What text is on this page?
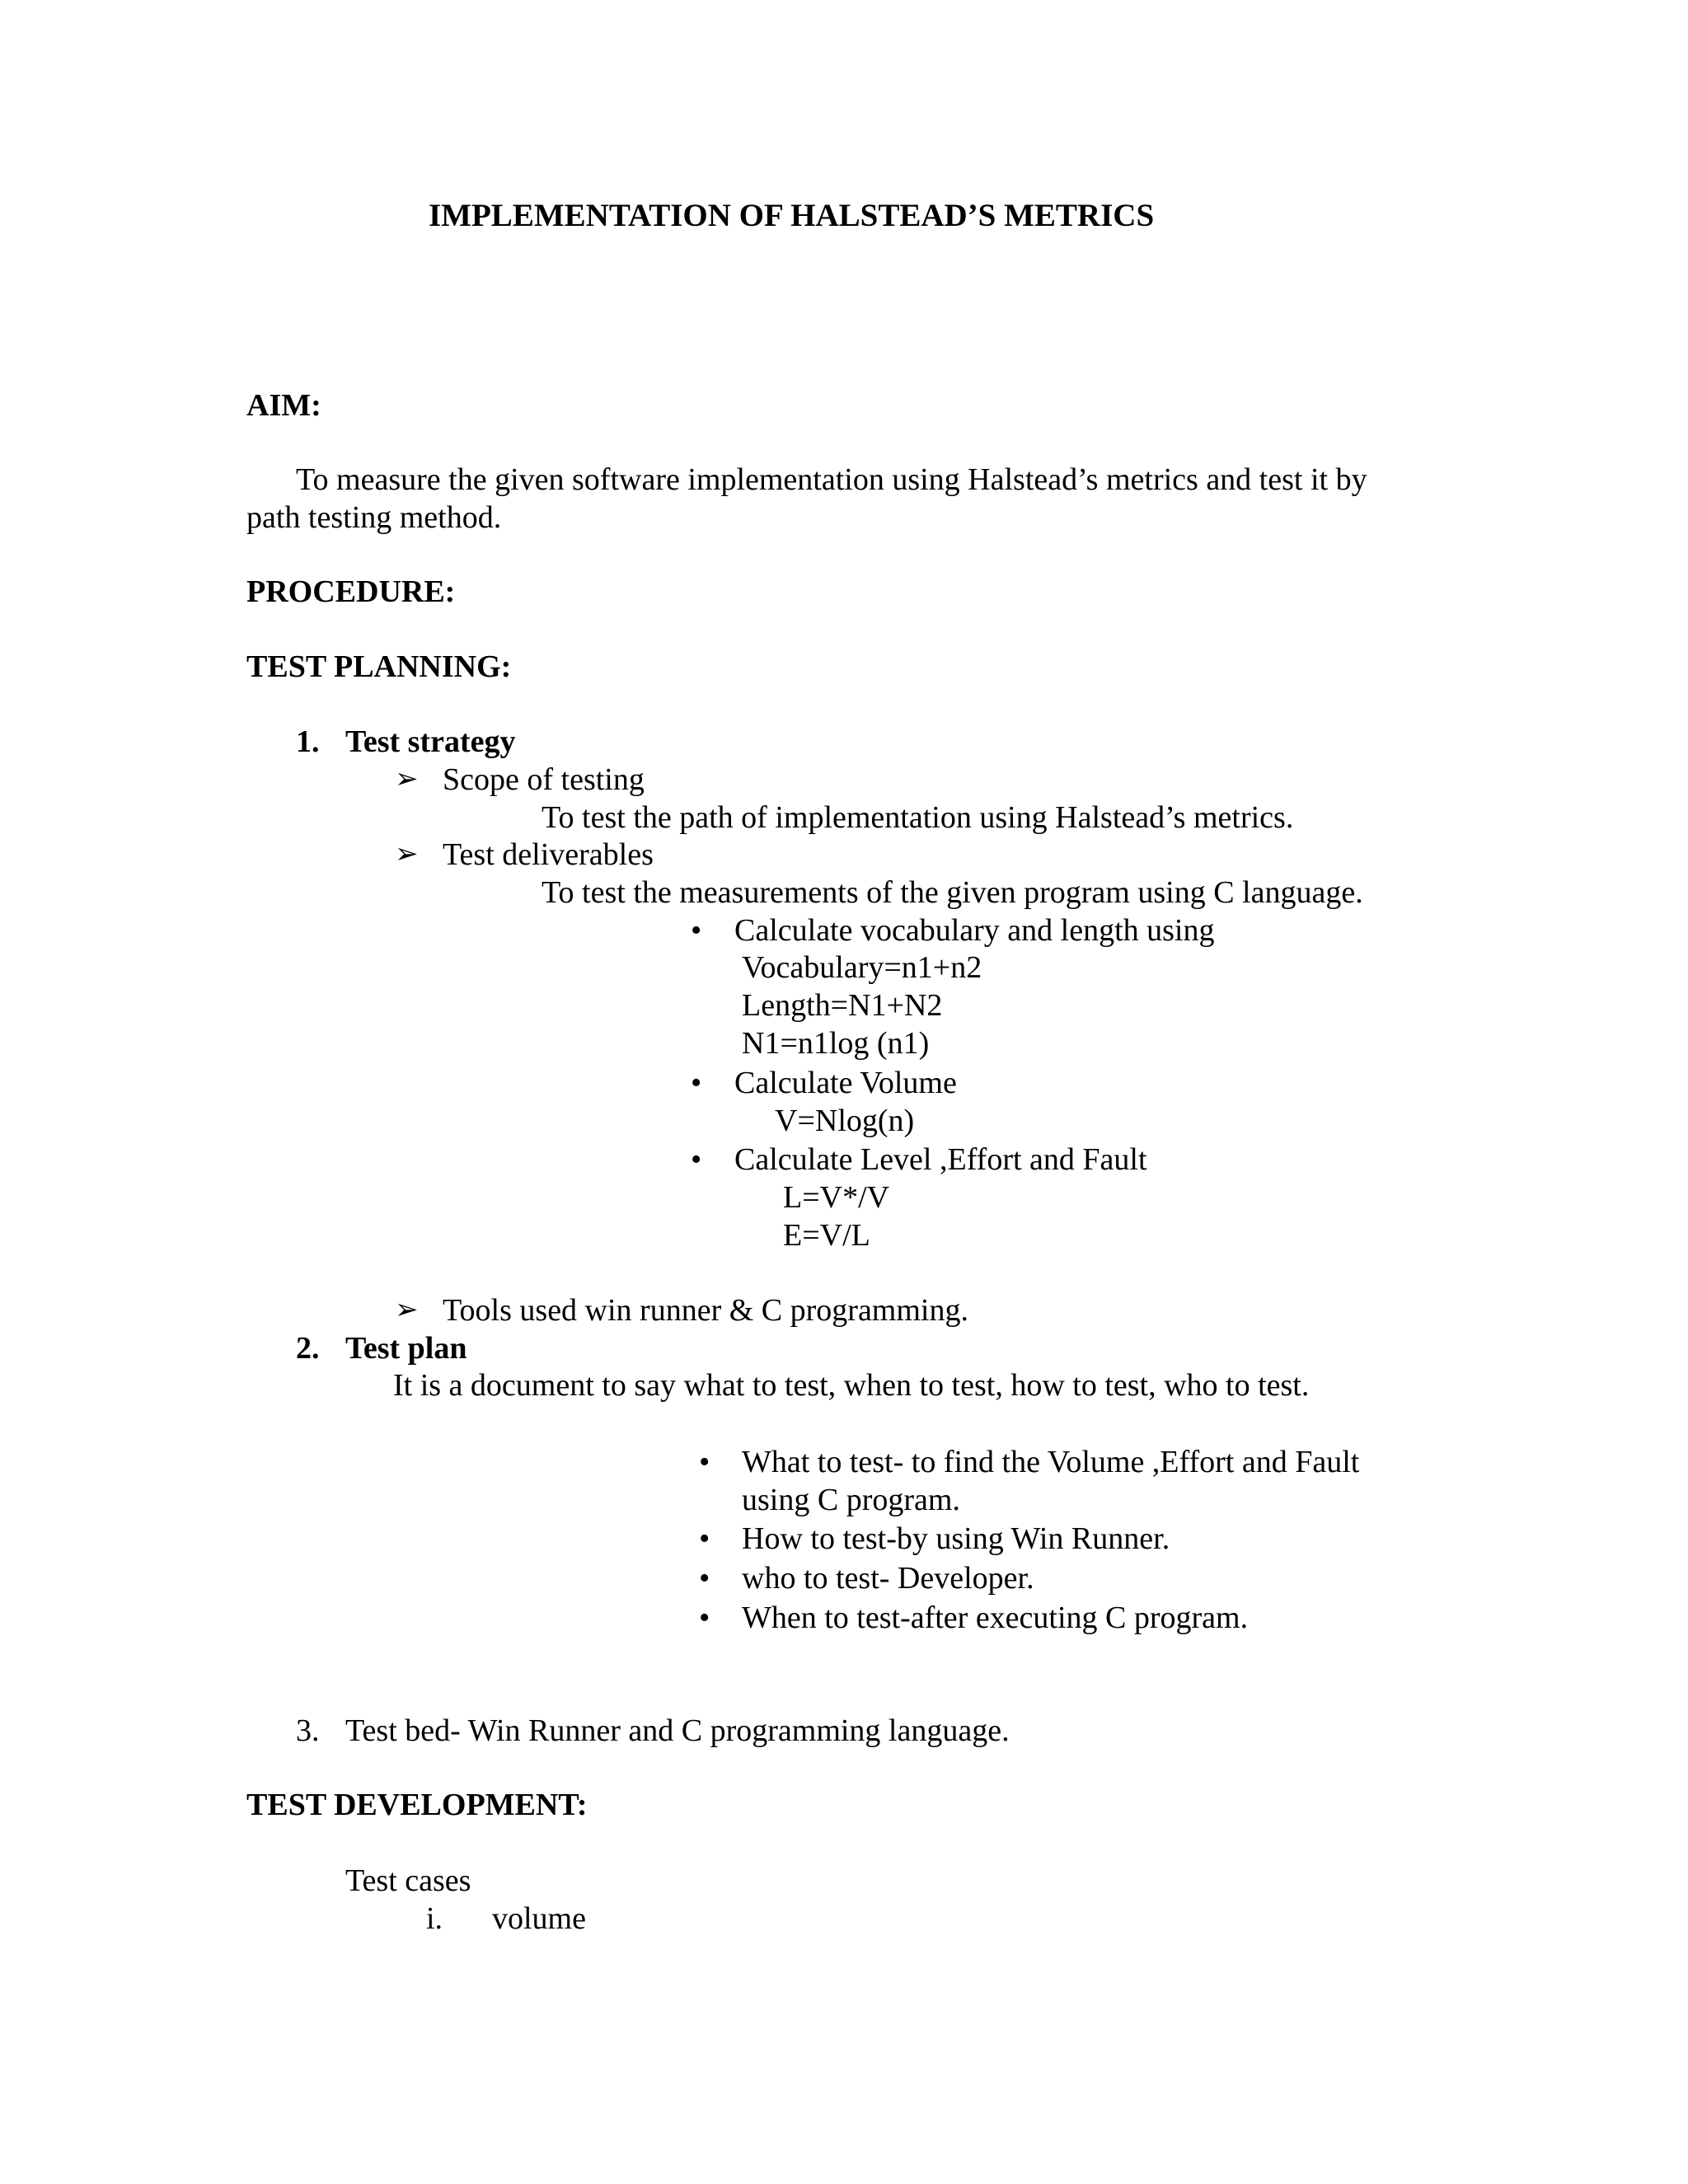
IMPLEMENTATION OF HALSTEAD’S METRICS
AIM:
To measure the given software implementation using Halstead’s metrics and test it by
path testing method.
PROCEDURE:
TEST PLANNING:
1. Test strategy
➢ Scope of testing
To test the path of implementation using Halstead’s metrics.
➢ Test deliverables
To test the measurements of the given program using C language.
• Calculate vocabulary and length using
Vocabulary=n1+n2
Length=N1+N2
N1=n1log (n1)
• Calculate Volume
V=Nlog(n)
• Calculate Level ,Effort and Fault
L=V*/V
E=V/L
➢ Tools used win runner & C programming.
2. Test plan
It is a document to say what to test, when to test, how to test, who to test.
• What to test- to find the Volume ,Effort and Fault
using C program.
• How to test-by using Win Runner.
• who to test- Developer.
• When to test-after executing C program.
3. Test bed- Win Runner and C programming language.
TEST DEVELOPMENT:
Test cases
i. volume
